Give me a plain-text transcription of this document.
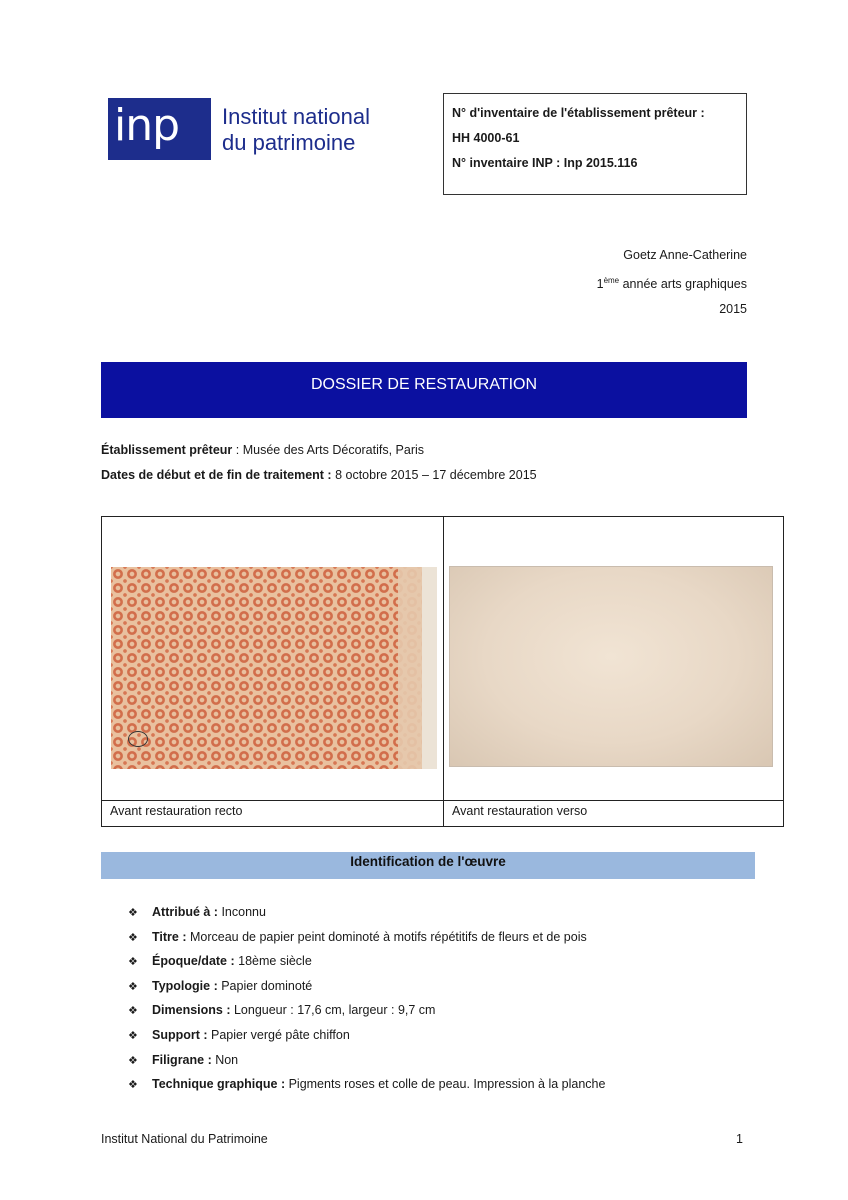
inp	Institut national
du patrimoine
N° d'inventaire de l'établissement prêteur :
HH 4000-61
N° inventaire INP : Inp 2015.116
Goetz Anne-Catherine
1ème année arts graphiques
2015
DOSSIER DE RESTAURATION
Établissement prêteur : Musée des Arts Décoratifs, Paris
Dates de début et de fin de traitement : 8 octobre 2015 – 17 décembre 2015
Avant restauration recto	Avant restauration verso
Identification de l'œuvre
❖ Attribué à : Inconnu
❖ Titre : Morceau de papier peint dominoté à motifs répétitifs de fleurs et de pois
❖ Époque/date : 18ème siècle
❖ Typologie : Papier dominoté
❖ Dimensions : Longueur : 17,6 cm, largeur : 9,7 cm
❖ Support : Papier vergé pâte chiffon
❖ Filigrane : Non
❖ Technique graphique : Pigments roses et colle de peau. Impression à la planche
Institut National du Patrimoine	1
